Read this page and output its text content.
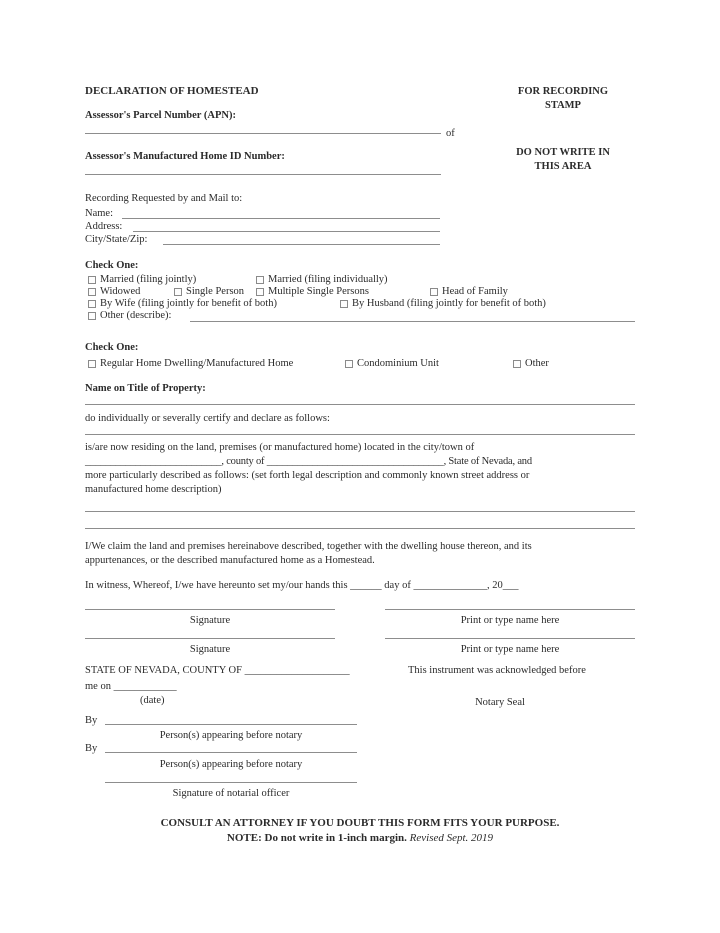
DECLARATION OF HOMESTEAD	FOR RECORDING
STAMP
Assessor's Parcel Number (APN):
of
DO NOT WRITE IN
THIS AREA
Assessor's Manufactured Home ID Number:
Recording Requested by and Mail to:
Name:
Address:
City/State/Zip:
Check One:
Married (filing jointly)	Married (filing individually)
Widowed	Single Person Multiple Single Persons	Head of Family
By Wife (filing jointly for benefit of both)	By Husband (filing jointly for benefit of both)
Other (describe):
Check One:
Regular Home Dwelling/Manufactured Home	Condominium Unit	Other
Name on Title of Property:
do individually or severally certify and declare as follows:
is/are now residing on the land, premises (or manufactured home) located in the city/town of
___________________________, county of ___________________________________, State of Nevada, and
more particularly described as follows: (set forth legal description and commonly known street address or
manufactured home description)
I/We claim the land and premises hereinabove described, together with the dwelling house thereon, and its
appurtenances, or the described manufactured home as a Homestead.
In witness, Whereof, I/we have hereunto set my/our hands this ______ day of ______________, 20___
Signature	Print or type name here
Signature	Print or type name here
STATE OF NEVADA, COUNTY OF ____________________	This instrument was acknowledged before
me on ____________
(date)	Notary Seal
By
Person(s) appearing before notary
By
Person(s) appearing before notary
Signature of notarial officer
CONSULT AN ATTORNEY IF YOU DOUBT THIS FORM FITS YOUR PURPOSE.
NOTE: Do not write in 1-inch margin. Revised Sept. 2019
